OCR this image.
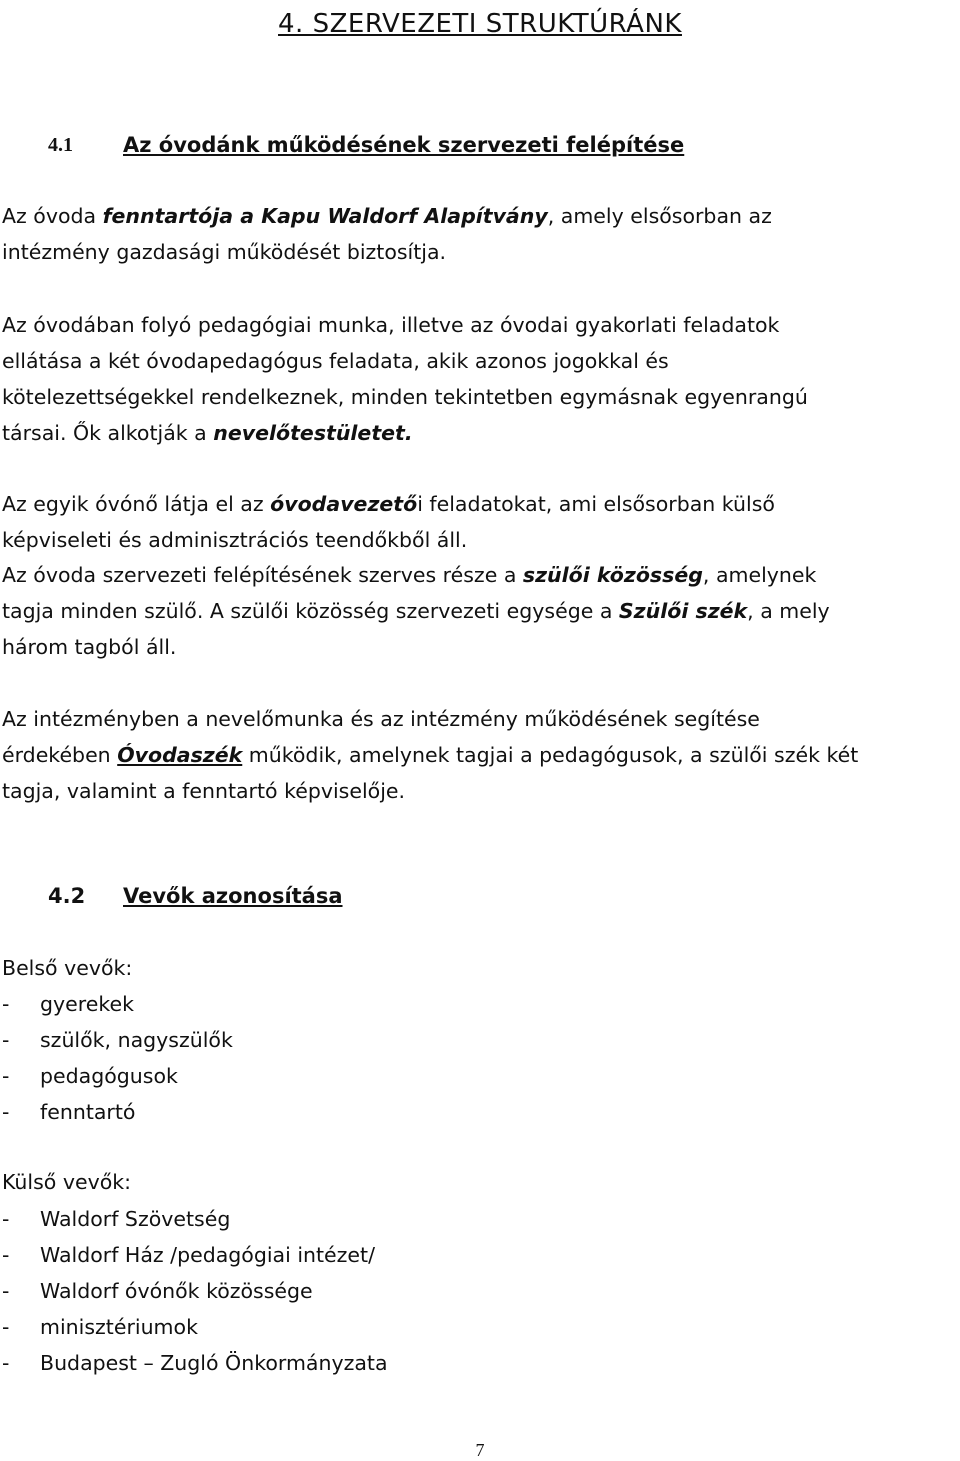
4. SZERVEZETI STRUKTÚRÁNK
4.1 Az óvodánk működésének szervezeti felépítése
Az óvoda fenntartója a Kapu Waldorf Alapítvány, amely elsősorban az
intézmény gazdasági működését biztosítja.
Az óvodában folyó pedagógiai munka, illetve az óvodai gyakorlati feladatok
ellátása a két óvodapedagógus feladata, akik azonos jogokkal és
kötelezettségekkel rendelkeznek, minden tekintetben egymásnak egyenrangú
társai. Ők alkotják a nevelőtestületet.
Az egyik óvónő látja el az óvodavezetői feladatokat, ami elsősorban külső
képviseleti és adminisztrációs teendőkből áll.
Az óvoda szervezeti felépítésének szerves része a szülői közösség, amelynek
tagja minden szülő. A szülői közösség szervezeti egysége a Szülői szék, a mely
három tagból áll.
Az intézményben a nevelőmunka és az intézmény működésének segítése
érdekében Óvodaszék működik, amelynek tagjai a pedagógusok, a szülői szék két
tagja, valamint a fenntartó képviselője.
4.2 Vevők azonosítása
Belső vevők:
- gyerekek
- szülők, nagyszülők
- pedagógusok
- fenntartó
Külső vevők:
- Waldorf Szövetség
- Waldorf Ház /pedagógiai intézet/
- Waldorf óvónők közössége
- minisztériumok
- Budapest – Zugló Önkormányzata
7
